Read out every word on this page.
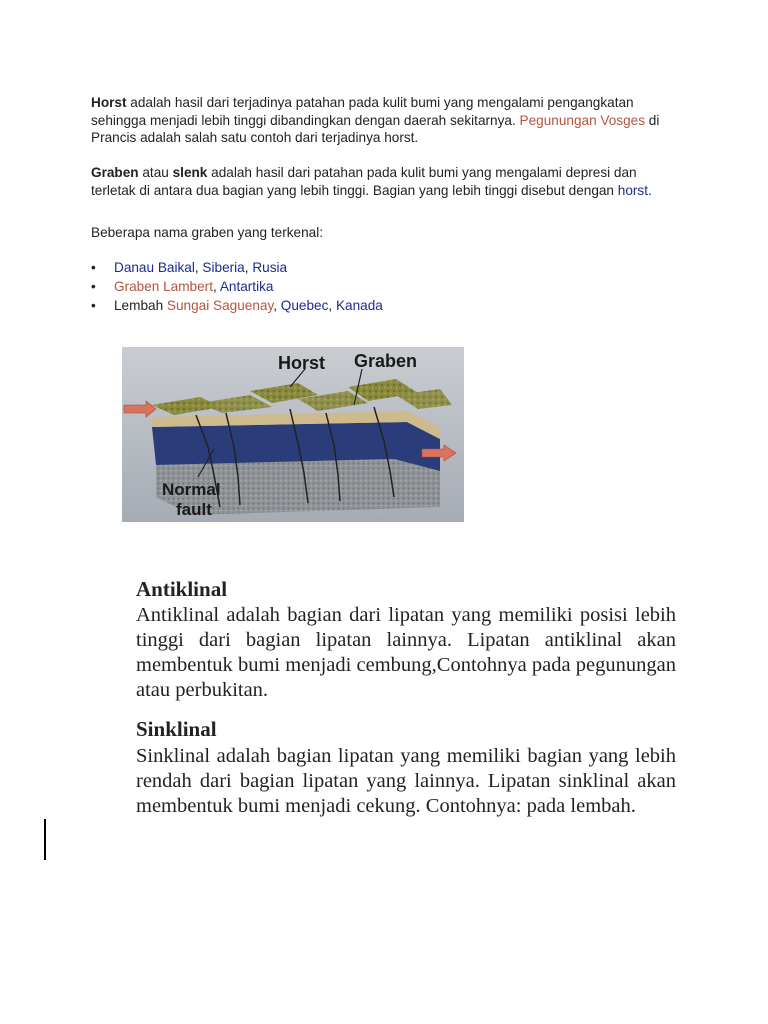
Horst adalah hasil dari terjadinya patahan pada kulit bumi yang mengalami pengangkatan sehingga menjadi lebih tinggi dibandingkan dengan daerah sekitarnya. Pegunungan Vosges di Prancis adalah salah satu contoh dari terjadinya horst.

Graben atau slenk adalah hasil dari patahan pada kulit bumi yang mengalami depresi dan terletak di antara dua bagian yang lebih tinggi. Bagian yang lebih tinggi disebut dengan horst.

Beberapa nama graben yang terkenal:

• Danau Baikal, Siberia, Rusia
• Graben Lambert, Antartika
• Lembah Sungai Saguenay, Quebec, Kanada
Horst Graben
Normal
fault
Antiklinal

Antiklinal adalah bagian dari lipatan yang memiliki posisi lebih tinggi dari bagian lipatan lainnya. Lipatan antiklinal akan membentuk bumi menjadi cembung,Contohnya pada pegunungan atau perbukitan.

Sinklinal

Sinklinal adalah bagian lipatan yang memiliki bagian yang lebih rendah dari bagian lipatan yang lainnya. Lipatan sinklinal akan membentuk bumi menjadi cekung. Contohnya: pada lembah.
